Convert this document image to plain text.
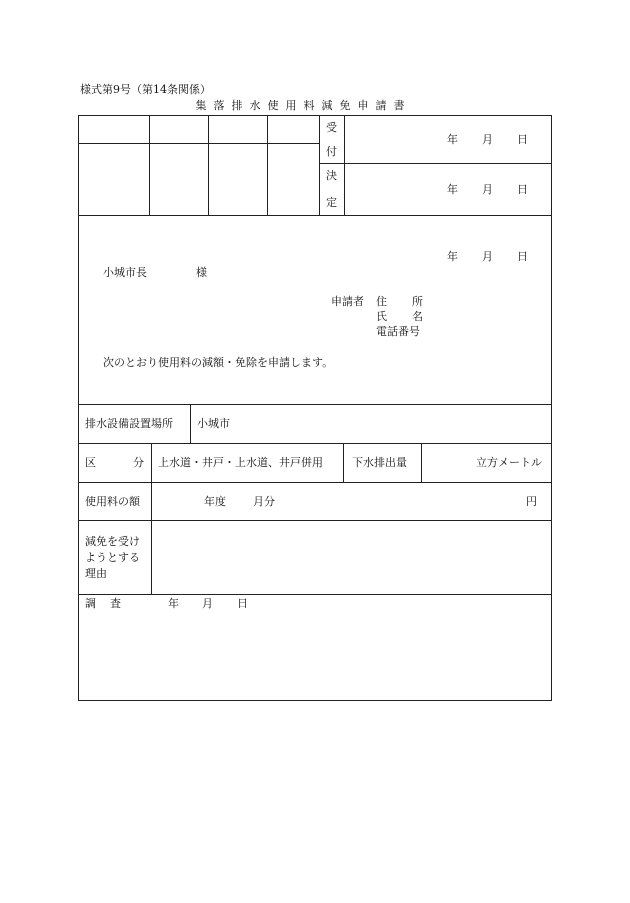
様式第9号（第14条関係）
集 落 排 水 使 用 料 減 免 申 請 書
受
付
年 月 日
決
定
年 月 日
年 月 日
小城市長	様
申請者 住 所
氏 名
電話番号
次のとおり使用料の減額・免除を申請します。
排水設備設置場所 小城市
区	分 上水道・井戸・上水道、井戸併用	下水排出量	立方メートル
使用料の額	年度 月分	円
減免を受け
ようとする
理由
調 査	年 月 日
